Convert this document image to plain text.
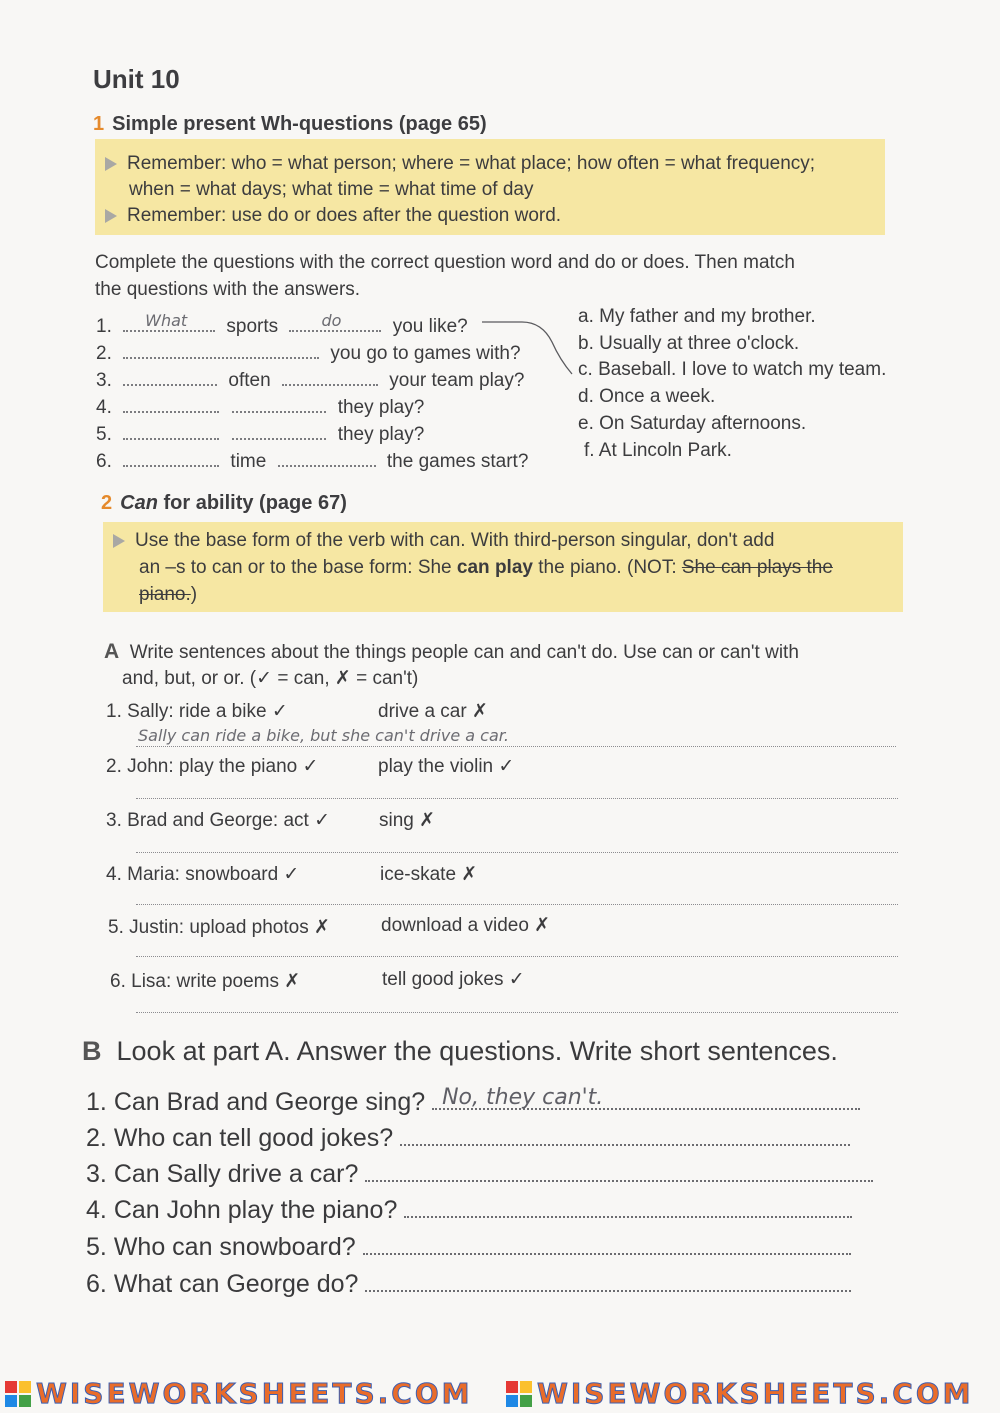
Unit 10
1 Simple present Wh-questions (page 65)
Remember: who = what person; where = what place; how often = what frequency;
when = what days; what time = what time of day
Remember: use do or does after the question word.
Complete the questions with the correct question word and do or does. Then match
the questions with the answers.
1. What sports	do	you like?
2.	you go to games with?
3.	often	your team play?
4.	they play?
5.	they play?
6.	time	the games start?
a. My father and my brother.
b. Usually at three o'clock.
c. Baseball. I love to watch my team.
d. Once a week.
e. On Saturday afternoons.
f. At Lincoln Park.
2 Can for ability (page 67)
Use the base form of the verb with can. With third-person singular, don't add
an –s to can or to the base form: She can play the piano. (NOT: She can plays the
piano.)
A Write sentences about the things people can and can't do. Use can or can't with
and, but, or or. (✓ = can, ✗ = can't)
1. Sally: ride a bike ✓	drive a car ✗
Sally can ride a bike, but she can't drive a car.
2. John: play the piano ✓	play the violin ✓
3. Brad and George: act ✓	sing ✗
4. Maria: snowboard ✓	ice-skate ✗
5. Justin: upload photos ✗	download a video ✗
6. Lisa: write poems ✗	tell good jokes ✓
B Look at part A. Answer the questions. Write short sentences.
1. Can Brad and George sing? No, they can't.
2. Who can tell good jokes?
3. Can Sally drive a car?
4. Can John play the piano?
5. Who can snowboard?
6. What can George do?
WISEWORKSHEETS.COM WISEWORKSHEETS.COM
